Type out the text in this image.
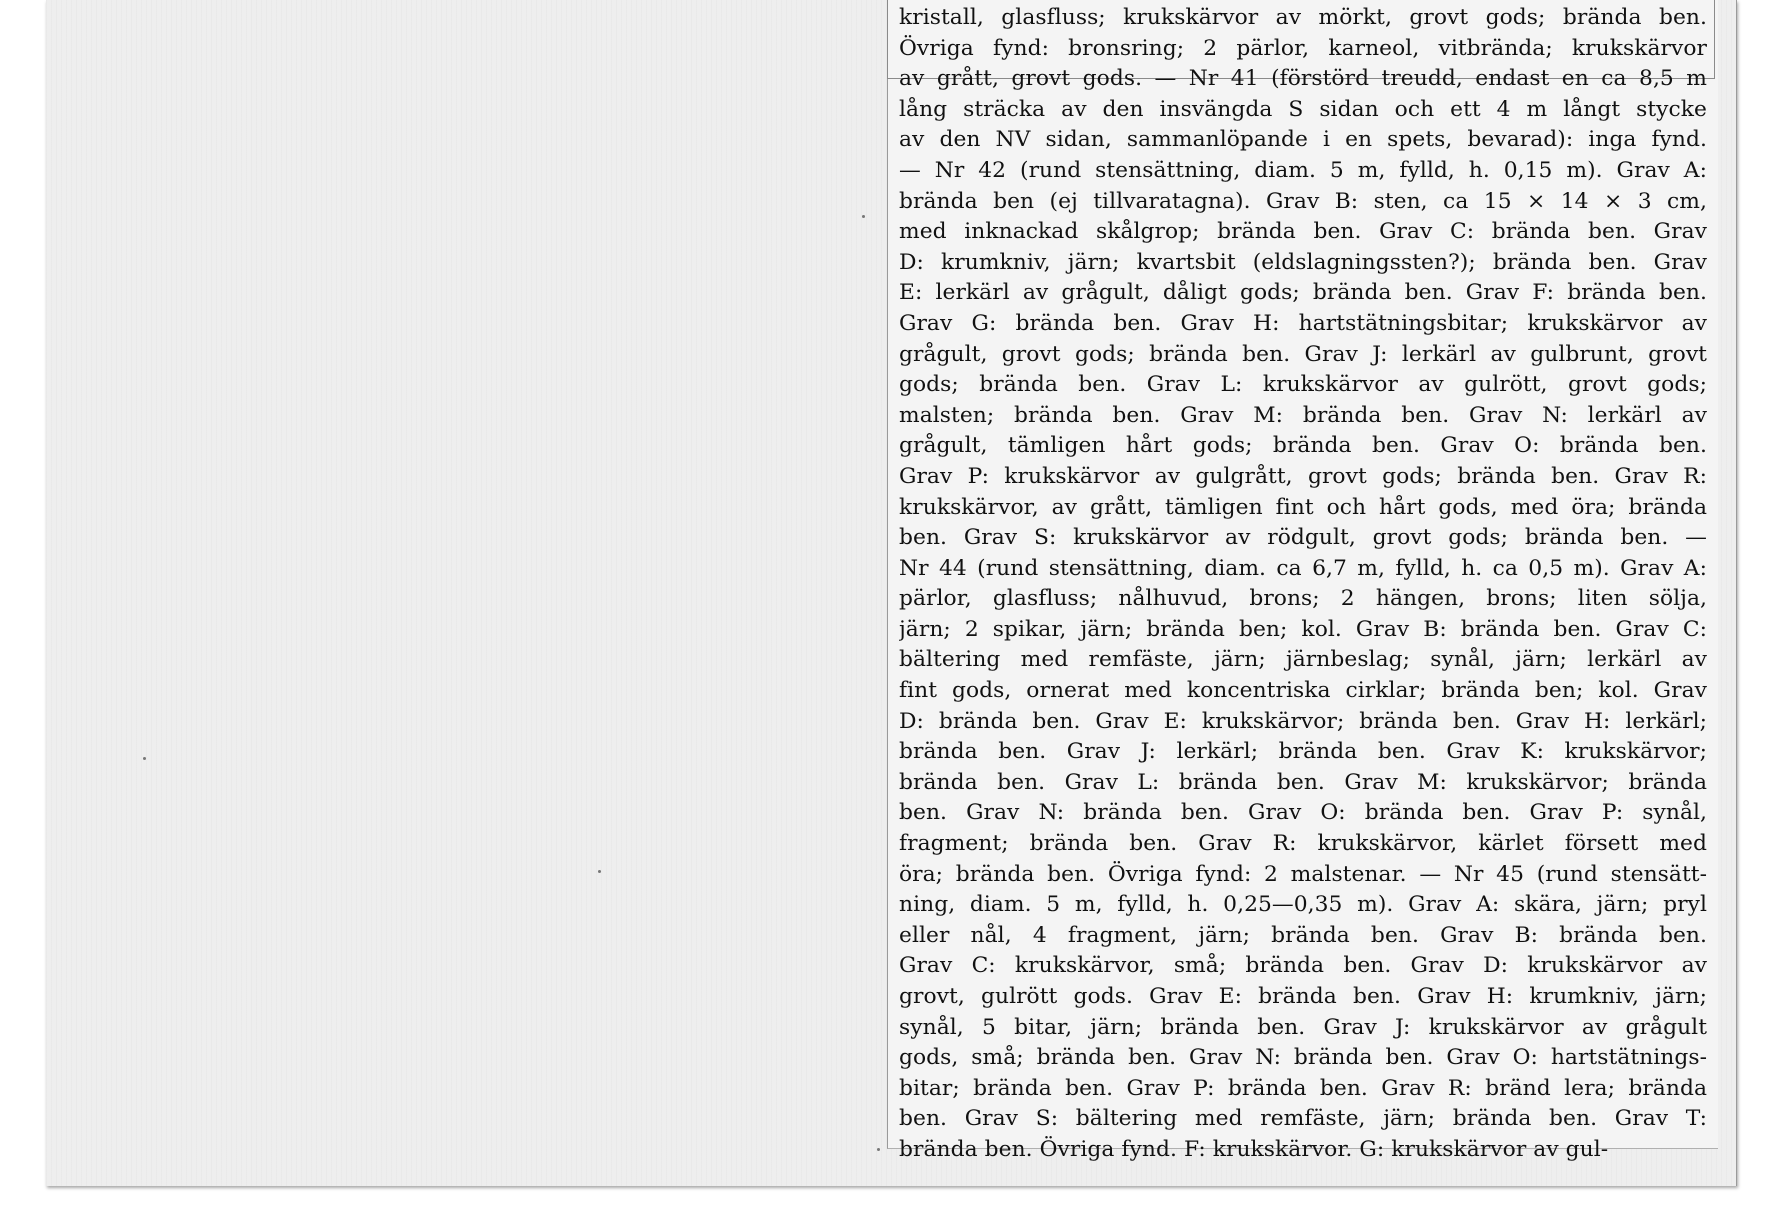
kristall, glasfluss; krukskärvor av mörkt, grovt gods; brända ben.
Övriga fynd: bronsring; 2 pärlor, karneol, vitbrända; krukskärvor
av grått, grovt gods. — Nr 41 (förstörd treudd, endast en ca 8,5 m
lång sträcka av den insvängda S sidan och ett 4 m långt stycke
av den NV sidan, sammanlöpande i en spets, bevarad): inga fynd.
— Nr 42 (rund stensättning, diam. 5 m, fylld, h. 0,15 m). Grav A:
brända ben (ej tillvaratagna). Grav B: sten, ca 15 × 14 × 3 cm,
med inknackad skålgrop; brända ben. Grav C: brända ben. Grav
D: krumkniv, järn; kvartsbit (eldslagningssten?); brända ben. Grav
E: lerkärl av grågult, dåligt gods; brända ben. Grav F: brända ben.
Grav G: brända ben. Grav H: hartstätningsbitar; krukskärvor av
grågult, grovt gods; brända ben. Grav J: lerkärl av gulbrunt, grovt
gods; brända ben. Grav L: krukskärvor av gulrött, grovt gods;
malsten; brända ben. Grav M: brända ben. Grav N: lerkärl av
grågult, tämligen hårt gods; brända ben. Grav O: brända ben.
Grav P: krukskärvor av gulgrått, grovt gods; brända ben. Grav R:
krukskärvor, av grått, tämligen fint och hårt gods, med öra; brända
ben. Grav S: krukskärvor av rödgult, grovt gods; brända ben. —
Nr 44 (rund stensättning, diam. ca 6,7 m, fylld, h. ca 0,5 m). Grav A:
pärlor, glasfluss; nålhuvud, brons; 2 hängen, brons; liten sölja,
järn; 2 spikar, järn; brända ben; kol. Grav B: brända ben. Grav C:
bältering med remfäste, järn; järnbeslag; synål, järn; lerkärl av
fint gods, ornerat med koncentriska cirklar; brända ben; kol. Grav
D: brända ben. Grav E: krukskärvor; brända ben. Grav H: lerkärl;
brända ben. Grav J: lerkärl; brända ben. Grav K: krukskärvor;
brända ben. Grav L: brända ben. Grav M: krukskärvor; brända
ben. Grav N: brända ben. Grav O: brända ben. Grav P: synål,
fragment; brända ben. Grav R: krukskärvor, kärlet försett med
öra; brända ben. Övriga fynd: 2 malstenar. — Nr 45 (rund stensätt-
ning, diam. 5 m, fylld, h. 0,25—0,35 m). Grav A: skära, järn; pryl
eller nål, 4 fragment, järn; brända ben. Grav B: brända ben.
Grav C: krukskärvor, små; brända ben. Grav D: krukskärvor av
grovt, gulrött gods. Grav E: brända ben. Grav H: krumkniv, järn;
synål, 5 bitar, järn; brända ben. Grav J: krukskärvor av grågult
gods, små; brända ben. Grav N: brända ben. Grav O: hartstätnings-
bitar; brända ben. Grav P: brända ben. Grav R: bränd lera; brända
ben. Grav S: bältering med remfäste, järn; brända ben. Grav T:
brända ben. Övriga fynd. F: krukskärvor. G: krukskärvor av gul-
